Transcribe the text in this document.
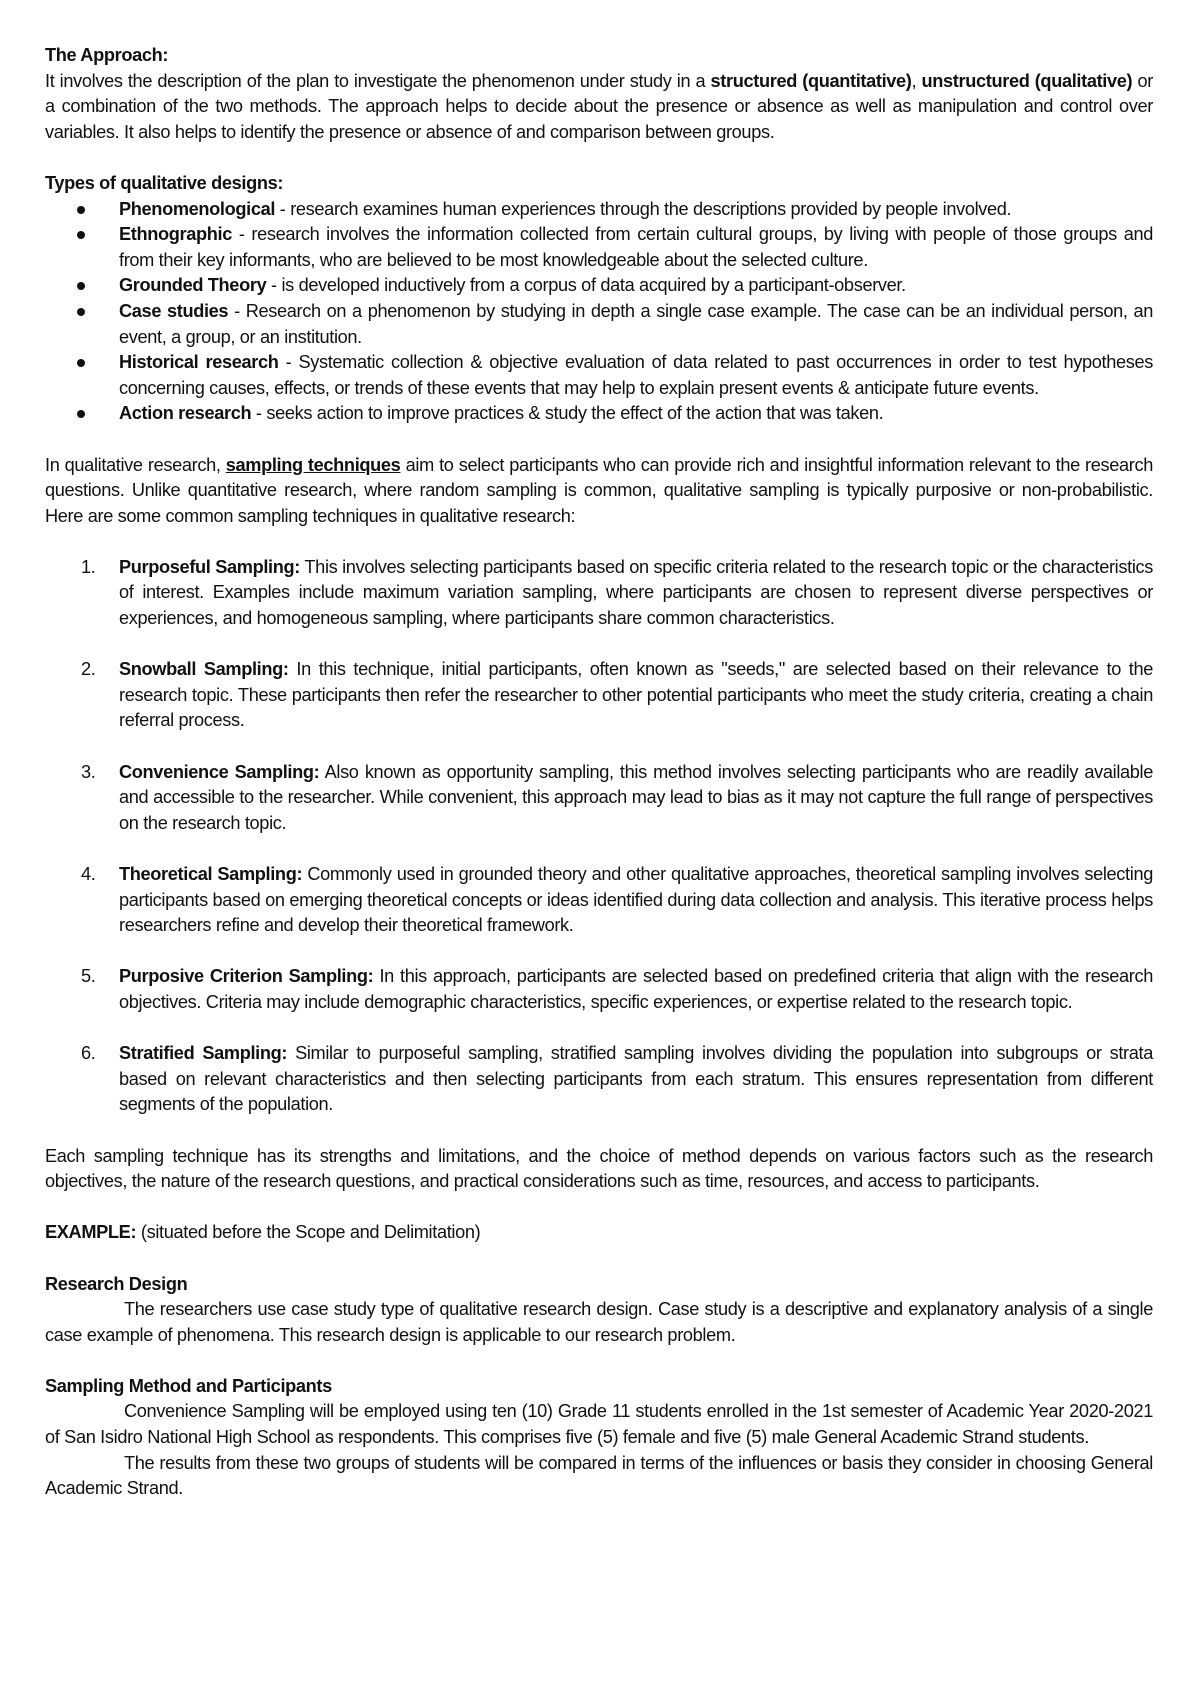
The Approach:

It involves the description of the plan to investigate the phenomenon under study in a structured (quantitative), unstructured (qualitative) or a combination of the two methods. The approach helps to decide about the presence or absence as well as manipulation and control over variables. It also helps to identify the presence or absence of and comparison between groups.

Types of qualitative designs:

Phenomenological - research examines human experiences through the descriptions provided by people involved.
Ethnographic - research involves the information collected from certain cultural groups, by living with people of those groups and from their key informants, who are believed to be most knowledgeable about the selected culture.
Grounded Theory - is developed inductively from a corpus of data acquired by a participant-observer.
Case studies - Research on a phenomenon by studying in depth a single case example. The case can be an individual person, an event, a group, or an institution.
Historical research - Systematic collection & objective evaluation of data related to past occurrences in order to test hypotheses concerning causes, effects, or trends of these events that may help to explain present events & anticipate future events.
Action research - seeks action to improve practices & study the effect of the action that was taken.

In qualitative research, sampling techniques aim to select participants who can provide rich and insightful information relevant to the research questions. Unlike quantitative research, where random sampling is common, qualitative sampling is typically purposive or non-probabilistic. Here are some common sampling techniques in qualitative research:

1. Purposeful Sampling: This involves selecting participants based on specific criteria related to the research topic or the characteristics of interest. Examples include maximum variation sampling, where participants are chosen to represent diverse perspectives or experiences, and homogeneous sampling, where participants share common characteristics.
2. Snowball Sampling: In this technique, initial participants, often known as "seeds," are selected based on their relevance to the research topic. These participants then refer the researcher to other potential participants who meet the study criteria, creating a chain referral process.
3. Convenience Sampling: Also known as opportunity sampling, this method involves selecting participants who are readily available and accessible to the researcher. While convenient, this approach may lead to bias as it may not capture the full range of perspectives on the research topic.
4. Theoretical Sampling: Commonly used in grounded theory and other qualitative approaches, theoretical sampling involves selecting participants based on emerging theoretical concepts or ideas identified during data collection and analysis. This iterative process helps researchers refine and develop their theoretical framework.
5. Purposive Criterion Sampling: In this approach, participants are selected based on predefined criteria that align with the research objectives. Criteria may include demographic characteristics, specific experiences, or expertise related to the research topic.
6. Stratified Sampling: Similar to purposeful sampling, stratified sampling involves dividing the population into subgroups or strata based on relevant characteristics and then selecting participants from each stratum. This ensures representation from different segments of the population.

Each sampling technique has its strengths and limitations, and the choice of method depends on various factors such as the research objectives, the nature of the research questions, and practical considerations such as time, resources, and access to participants.

EXAMPLE: (situated before the Scope and Delimitation)

Research Design

The researchers use case study type of qualitative research design. Case study is a descriptive and explanatory analysis of a single case example of phenomena. This research design is applicable to our research problem.

Sampling Method and Participants

Convenience Sampling will be employed using ten (10) Grade 11 students enrolled in the 1st semester of Academic Year 2020-2021 of San Isidro National High School as respondents. This comprises five (5) female and five (5) male General Academic Strand students.

The results from these two groups of students will be compared in terms of the influences or basis they consider in choosing General Academic Strand.
